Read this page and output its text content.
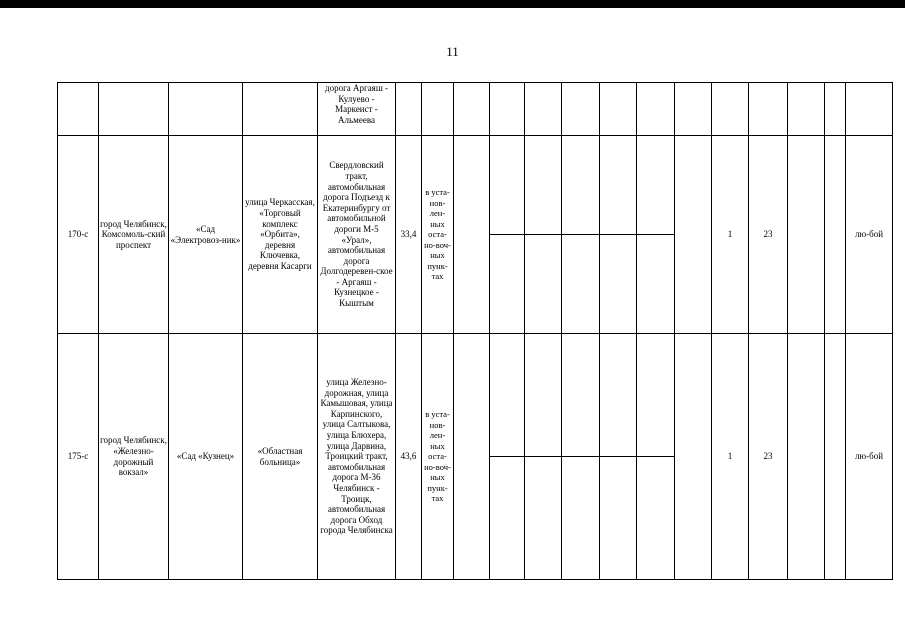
11
				дорога Аргаяш - Кулуево - Маркеист - Альмеева														
170-с	город Челябинск, Комсомоль-ский проспект	«Сад «Электровоз-ник»	улица Черкасская, «Торговый комплекс «Орбита», деревня Ключевка, деревня Касарги	Свердловский тракт, автомобильная дорога Подъезд к Екатеринбургу от автомобильной дороги М-5 «Урал», автомобильная дорога Долгодеревен-ское - Аргаяш - Кузнецкое - Кыштым	33,4	в уста-нов-лен-ных оста-но-воч-ных пунк-тах								1	23			лю-бой
175-с	город Челябинск, «Железно-дорожный вокзал»	«Сад «Кузнец»	«Областная больница»	улица Железно-дорожная, улица Камышовая, улица Карпинского, улица Салтыкова, улица Блюхера, улица Дарвина, Троицкий тракт, автомобильная дорога М-36 Челябинск - Троицк, автомобильная дорога Обход города Челябинска	43,6	в уста-нов-лен-ных оста-но-воч-ных пунк-тах								1	23			лю-бой
